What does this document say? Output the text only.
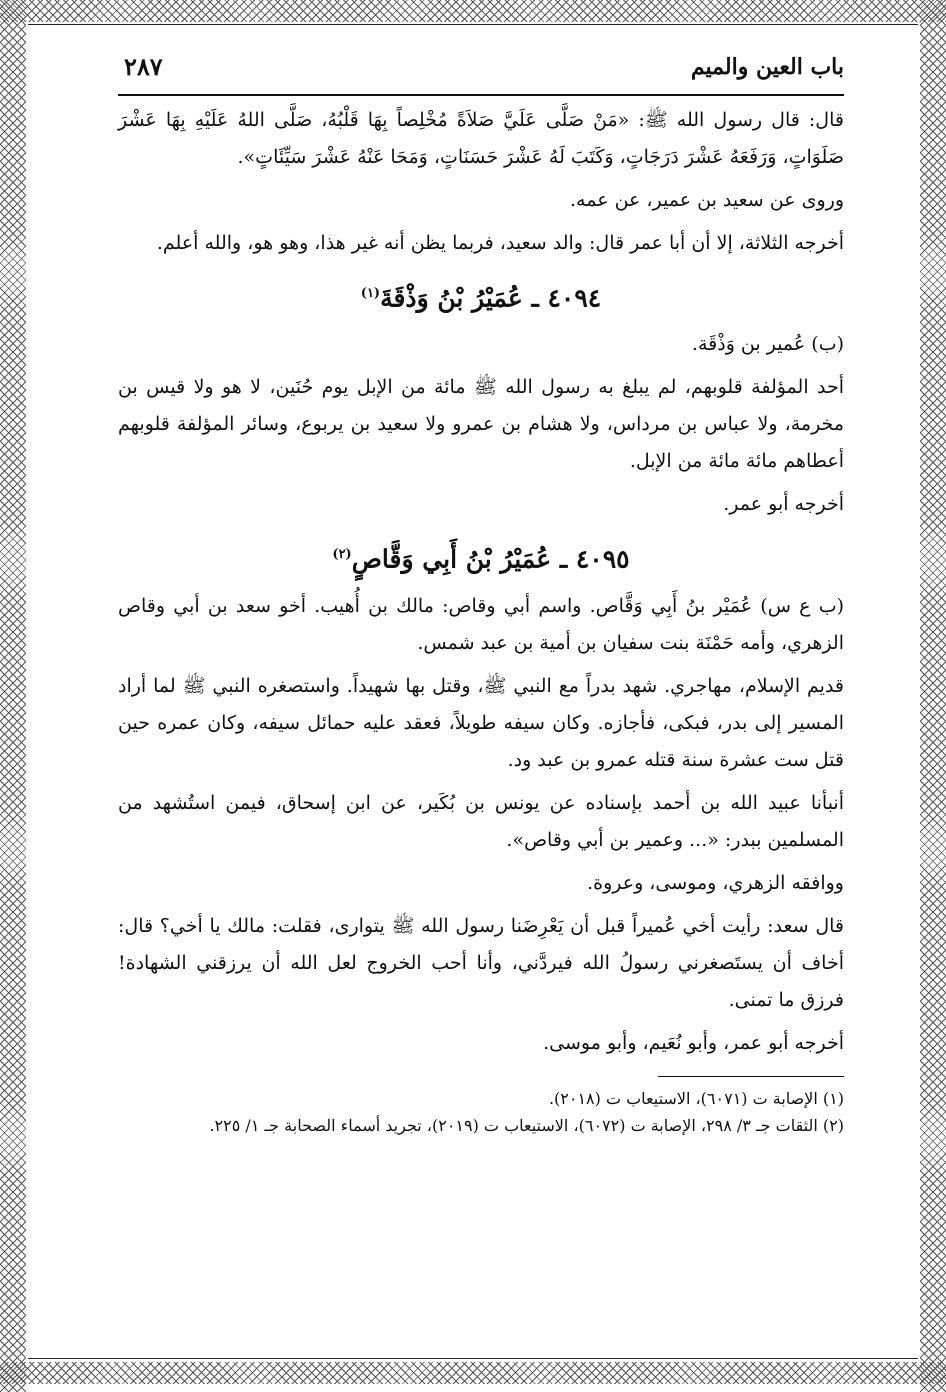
باب العين والميم
٢٨٧

قال: قال رسول الله ﷺ: «مَنْ صَلَّى عَلَيَّ صَلاَةً مُخْلِصاً بِهَا قَلْبُهُ، صَلَّى اللهُ عَلَيْهِ بِهَا عَشْرَ صَلَوَاتٍ، وَرَفَعَهُ عَشْرَ دَرَجَاتٍ، وَكَتَبَ لَهُ عَشْرَ حَسَنَاتٍ، وَمَحَا عَنْهُ عَشْرَ سَيِّئَاتٍ».

وروى عن سعيد بن عمير، عن عمه.

أخرجه الثلاثة، إلا أن أبا عمر قال: والد سعيد، فربما يظن أنه غير هذا، وهو هو، والله أعلم.

٤٠٩٤ ـ عُمَيْرُ بْنُ وَذْقَةَ$^{(١)}$

(ب) عُمير بن وَذْقَة.

أحد المؤلفة قلوبهم، لم يبلغ به رسول الله ﷺ مائة من الإبل يوم حُنَين، لا هو ولا قيس بن مخرمة، ولا عباس بن مرداس، ولا هشام بن عمرو ولا سعيد بن يربوع، وسائر المؤلفة قلوبهم أعطاهم مائة مائة من الإبل.

أخرجه أبو عمر.

٤٠٩٥ ـ عُمَيْرُ بْنُ أَبِي وَقَّاصٍ$^{(٢)}$

(ب ع س) عُمَيْر بنُ أَبِي وَقَّاص. واسم أبي وقاص: مالك بن أُهيب. أخو سعد بن أبي وقاص الزهري، وأمه حَمْنَة بنت سفيان بن أمية بن عبد شمس.

قديم الإسلام، مهاجري. شهد بدراً مع النبي ﷺ، وقتل بها شهيداً. واستصغره النبي ﷺ لما أراد المسير إلى بدر، فبكى، فأجازه. وكان سيفه طويلاً، فعقد عليه حمائل سيفه، وكان عمره حين قتل ست عشرة سنة قتله عمرو بن عبد ود.

أنبأنا عبيد الله بن أحمد بإسناده عن يونس بن بُكَير، عن ابن إسحاق، فيمن استُشهد من المسلمين ببدر: «... وعمير بن أبي وقاص».

ووافقه الزهري، وموسى، وعروة.

قال سعد: رأيت أخي عُميراً قبل أن يَعْرِضَنا رسول الله ﷺ يتوارى، فقلت: مالك يا أخي؟ قال: أخاف أن يستَصغرني رسولُ الله فيردَّني، وأنا أحب الخروج لعل الله أن يرزقني الشهادة! فرزق ما تمنى.

أخرجه أبو عمر، وأبو نُعَيم، وأبو موسى.

(١) الإصابة ت (٦٠٧١)، الاستيعاب ت (٢٠١٨).

(٢) الثقات جـ ٣/ ٢٩٨، الإصابة ت (٦٠٧٢)، الاستيعاب ت (٢٠١٩)، تجريد أسماء الصحابة جـ ١/ ٢٢٥.
